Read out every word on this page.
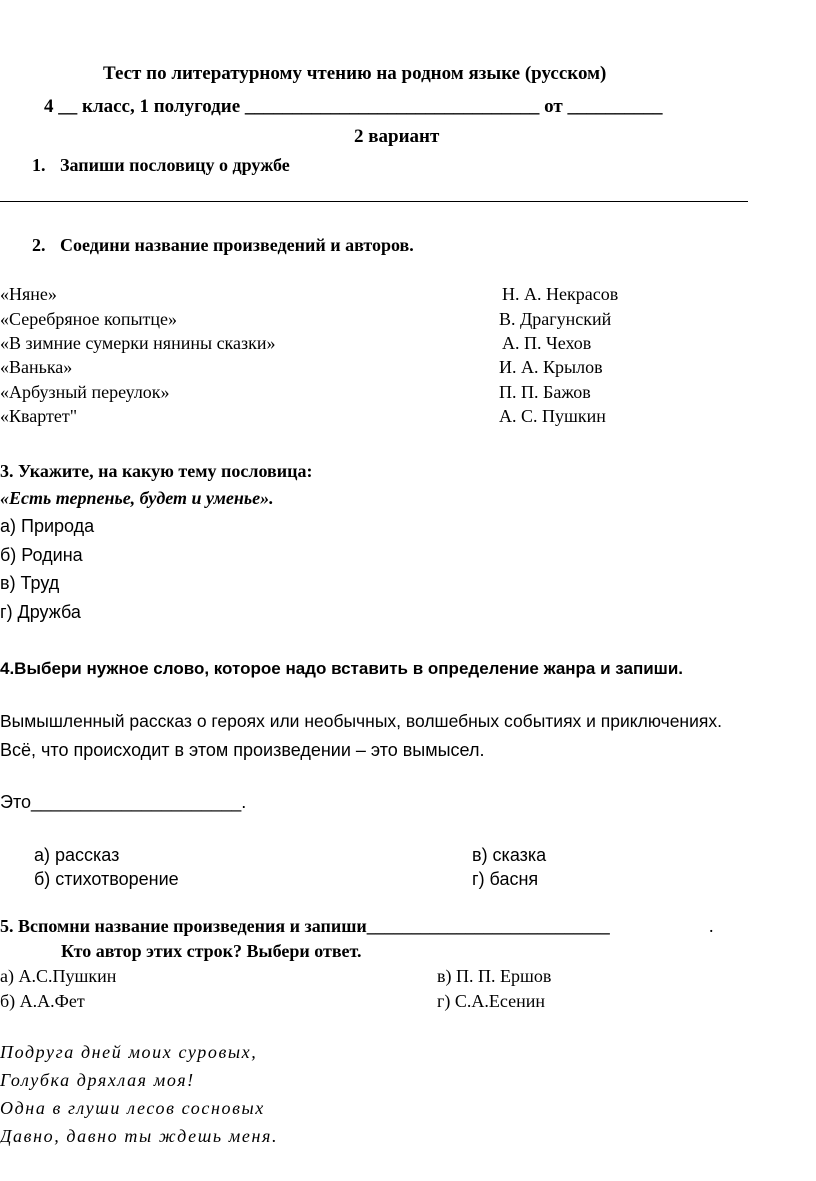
Тест по литературному чтению на родном языке (русском)
4 __ класс, 1 полугодие _______________________________ от __________
2 вариант
1. Запиши пословицу о дружбе
2. Соедини название произведений и авторов.
«Няне»
«Серебряное копытце»
«В зимние сумерки нянины сказки»
«Ванька»
«Арбузный переулок»
«Квартет"
Н. А. Некрасов
В. Драгунский
А. П. Чехов
И. А. Крылов
П. П. Бажов
А. С. Пушкин
3. Укажите, на какую тему пословица:
«Есть терпенье, будет и уменье».
а) Природа
б) Родина
в) Труд
г) Дружба
4.Выбери нужное слово, которое надо вставить в определение жанра и запиши.
Вымышленный рассказ о героях или необычных, волшебных событиях и приключениях.
Всё, что происходит в этом произведении – это вымысел.
Это_____________________.
а) рассказ
б) стихотворение
в) сказка
г) басня
5. Вспомни название произведения и запиши___________________________	.
Кто автор этих строк? Выбери ответ.
а) А.С.Пушкин
б) А.А.Фет
в) П. П. Ершов
г) С.А.Есенин
Подруга дней моих суровых,
Голубка дряхлая моя!
Одна в глуши лесов сосновых
Давно, давно ты ждешь меня.
